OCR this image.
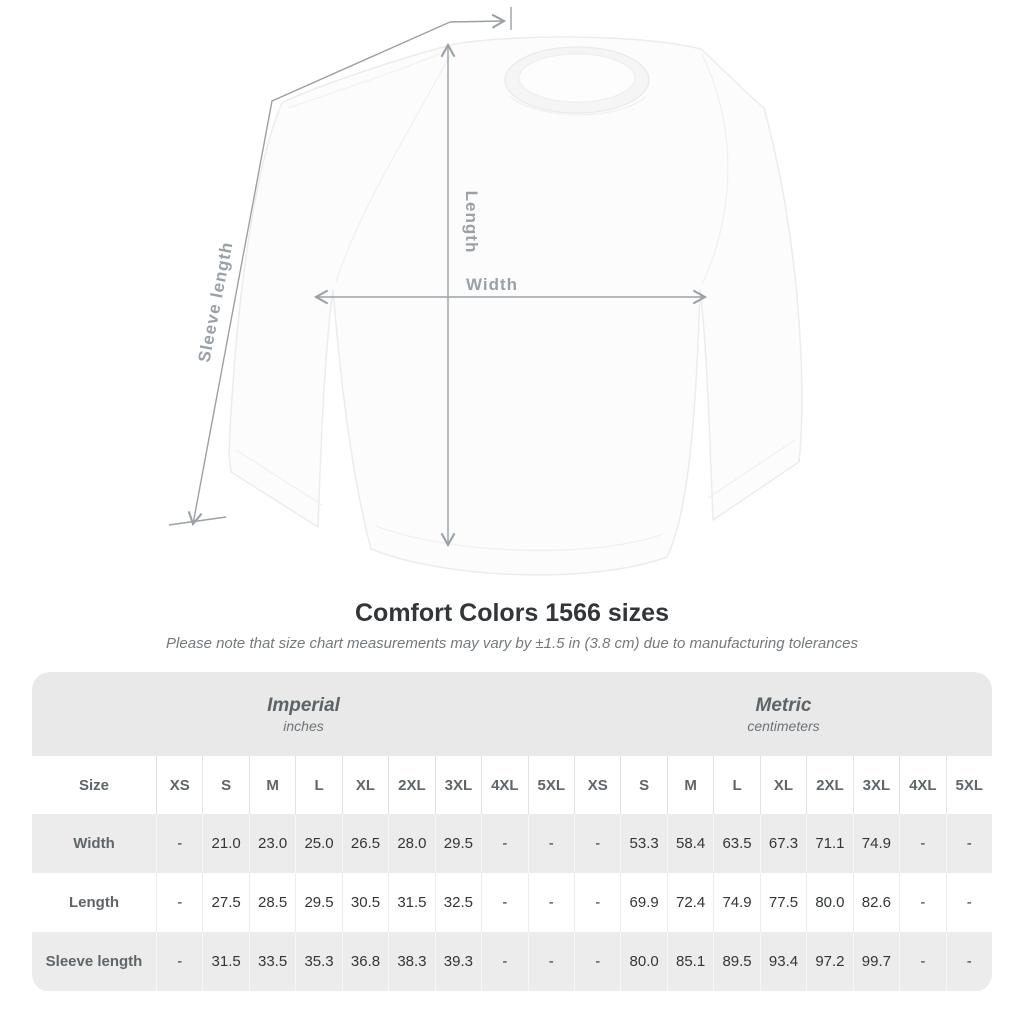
Length
Width
Sleeve length
Comfort Colors 1566 sizes
Please note that size chart measurements may vary by ±1.5 in (3.8 cm) due to manufacturing tolerances
Imperial
inches
Metric
centimeters
Size	XS	S	M	L	XL	2XL	3XL	4XL	5XL	XS	S	M	L	XL	2XL	3XL	4XL	5XL
Width	-	21.0	23.0	25.0	26.5	28.0	29.5	-	-	-	53.3	58.4	63.5	67.3	71.1	74.9	-	-
Length	-	27.5	28.5	29.5	30.5	31.5	32.5	-	-	-	69.9	72.4	74.9	77.5	80.0	82.6	-	-
Sleeve length	-	31.5	33.5	35.3	36.8	38.3	39.3	-	-	-	80.0	85.1	89.5	93.4	97.2	99.7	-	-
